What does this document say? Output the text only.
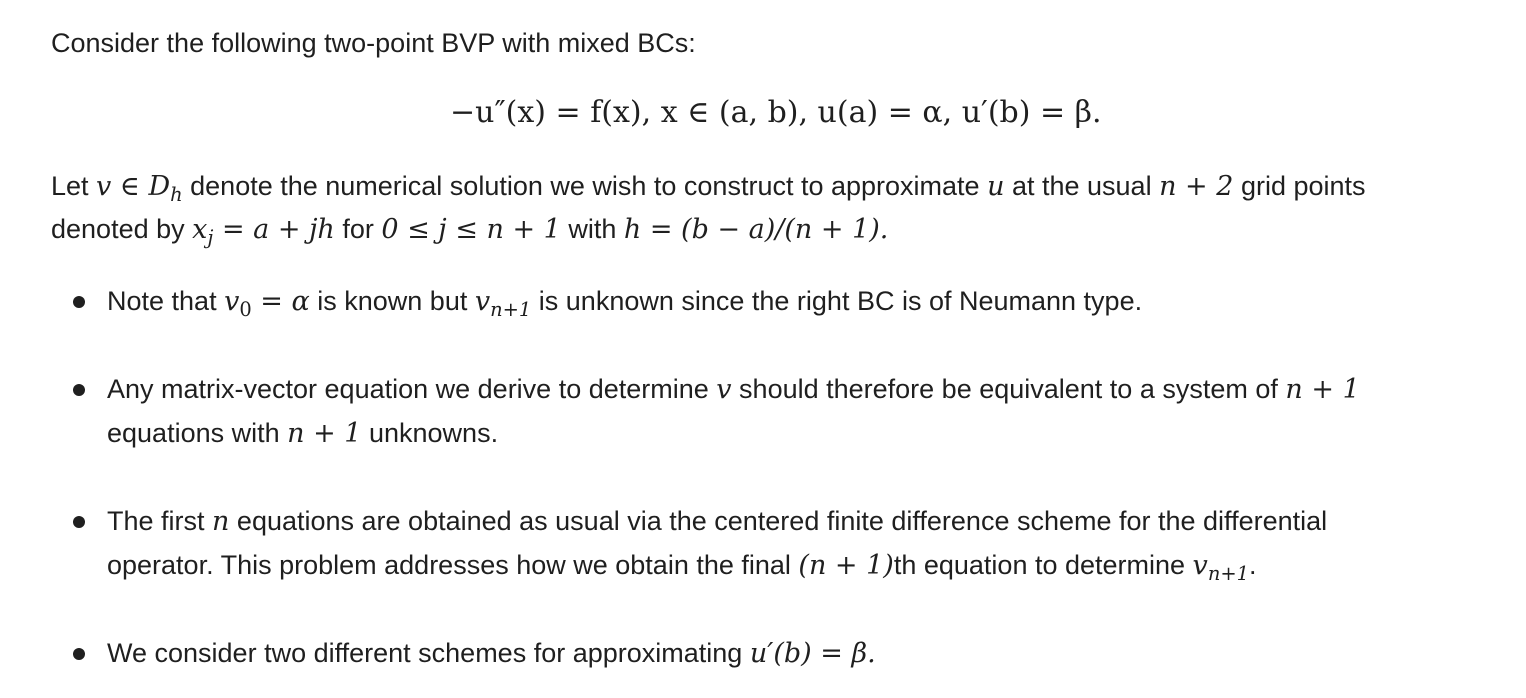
Consider the following two-point BVP with mixed BCs:
−u″(x) = f(x), x ∈ (a, b), u(a) = α, u′(b) = β.
Let v ∈ $D_h$ denote the numerical solution we wish to construct to approximate u at the usual n + 2 grid points
denoted by $x_j = a$ + jh for 0 ≤ j ≤ n + 1 with h = (b − a)/(n + 1).
Note that $v_0 = \alpha$ is known but $v_{n+1}$ is unknown since the right BC is of Neumann type.
Any matrix-vector equation we derive to determine v should therefore be equivalent to a system of n + 1
equations with n + 1 unknowns.
The first n equations are obtained as usual via the centered finite difference scheme for the differential
operator. This problem addresses how we obtain the final (n + 1)th equation to determine $v_{n+1}$.
We consider two different schemes for approximating u′(b) = β.
